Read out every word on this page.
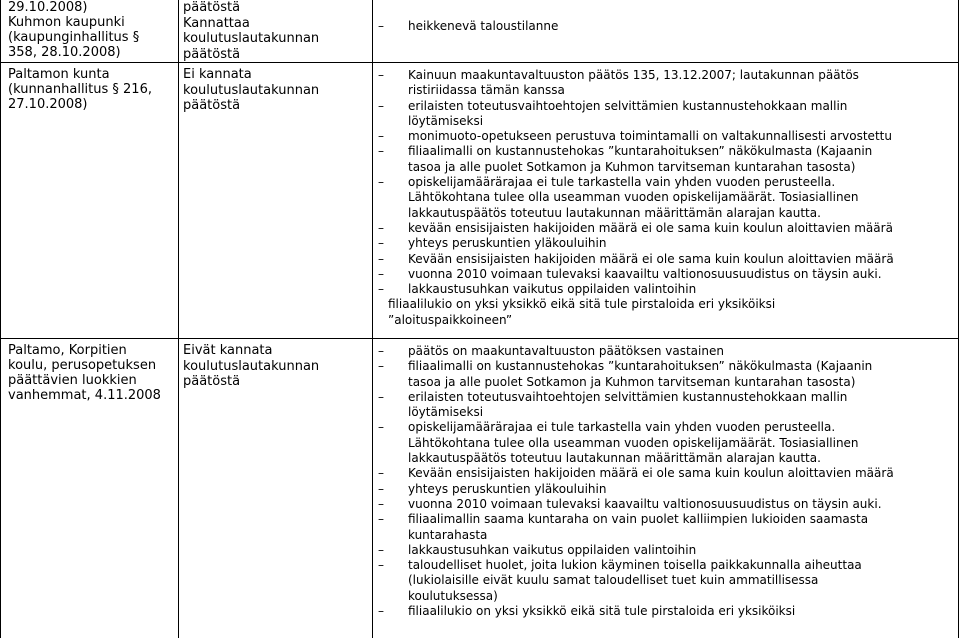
29.10.2008)
Kuhmon kaupunki
(kaupunginhallitus §
358, 28.10.2008)
päätöstä
Kannattaa
koulutuslautakunnan
päätöstä
– heikkenevä taloustilanne
Paltamon kunta
(kunnanhallitus § 216,
27.10.2008)
Ei kannata
koulutuslautakunnan
päätöstä
– Kainuun maakuntavaltuuston päätös 135, 13.12.2007; lautakunnan päätös
ristiriidassa tämän kanssa
– erilaisten toteutusvaihtoehtojen selvittämien kustannustehokkaan mallin
löytämiseksi
– monimuoto-opetukseen perustuva toimintamalli on valtakunnallisesti arvostettu
– filiaalimalli on kustannustehokas ”kuntarahoituksen” näkökulmasta (Kajaanin
tasoa ja alle puolet Sotkamon ja Kuhmon tarvitseman kuntarahan tasosta)
– opiskelijamäärärajaa ei tule tarkastella vain yhden vuoden perusteella.
Lähtökohtana tulee olla useamman vuoden opiskelijamäärät. Tosiasiallinen
lakkautuspäätös toteutuu lautakunnan määrittämän alarajan kautta.
– kevään ensisijaisten hakijoiden määrä ei ole sama kuin koulun aloittavien määrä
– yhteys peruskuntien yläkouluihin
– Kevään ensisijaisten hakijoiden määrä ei ole sama kuin koulun aloittavien määrä
– vuonna 2010 voimaan tulevaksi kaavailtu valtionosuusuudistus on täysin auki.
– lakkaustusuhkan vaikutus oppilaiden valintoihin
filiaalilukio on yksi yksikkö eikä sitä tule pirstaloida eri yksiköiksi
”aloituspaikkoineen”
Paltamo, Korpitien
koulu, perusopetuksen
päättävien luokkien
vanhemmat, 4.11.2008
Eivät kannata
koulutuslautakunnan
päätöstä
– päätös on maakuntavaltuuston päätöksen vastainen
– filiaalimalli on kustannustehokas ”kuntarahoituksen” näkökulmasta (Kajaanin
tasoa ja alle puolet Sotkamon ja Kuhmon tarvitseman kuntarahan tasosta)
– erilaisten toteutusvaihtoehtojen selvittämien kustannustehokkaan mallin
löytämiseksi
– opiskelijamäärärajaa ei tule tarkastella vain yhden vuoden perusteella.
Lähtökohtana tulee olla useamman vuoden opiskelijamäärät. Tosiasiallinen
lakkautuspäätös toteutuu lautakunnan määrittämän alarajan kautta.
– Kevään ensisijaisten hakijoiden määrä ei ole sama kuin koulun aloittavien määrä
– yhteys peruskuntien yläkouluihin
– vuonna 2010 voimaan tulevaksi kaavailtu valtionosuusuudistus on täysin auki.
– filiaalimallin saama kuntaraha on vain puolet kalliimpien lukioiden saamasta
kuntarahasta
– lakkaustusuhkan vaikutus oppilaiden valintoihin
– taloudelliset huolet, joita lukion käyminen toisella paikkakunnalla aiheuttaa
(lukiolaisille eivät kuulu samat taloudelliset tuet kuin ammatillisessa
koulutuksessa)
– filiaalilukio on yksi yksikkö eikä sitä tule pirstaloida eri yksiköiksi
